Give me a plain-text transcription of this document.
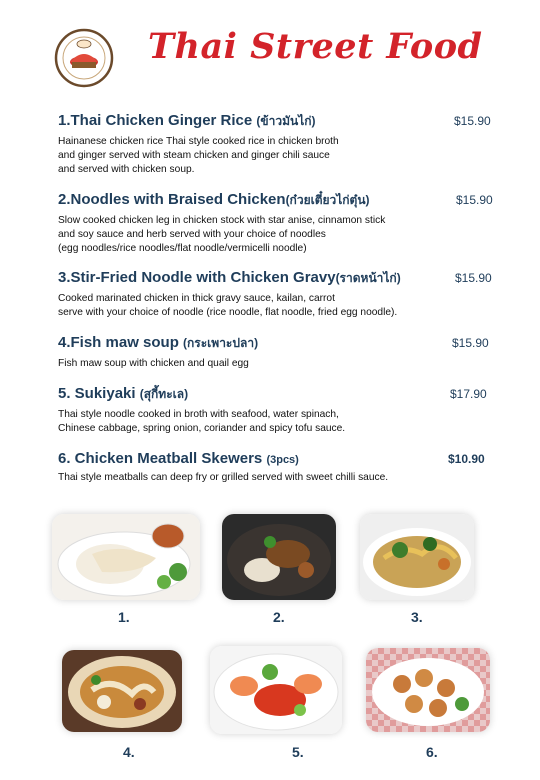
Thai Street Food
1.Thai Chicken Ginger Rice (ข้าวมันไก่)	$15.90
Hainanese chicken rice Thai style cooked rice in chicken broth
and ginger served with steam chicken and ginger chili sauce
and served with chicken soup.
2.Noodles with Braised Chicken(ก๋วยเตี๋ยวไก่ตุ๋น)	$15.90
Slow cooked chicken leg in chicken stock with star anise, cinnamon stick
and soy sauce and herb served with your choice of noodles
(egg noodles/rice noodles/flat noodle/vermicelli noodle)
3.Stir-Fried Noodle with Chicken Gravy(ราดหน้าไก่)	$15.90
Cooked marinated chicken in thick gravy sauce, kailan, carrot
serve with your choice of noodle (rice noodle, flat noodle, fried egg noodle).
4.Fish maw soup (กระเพาะปลา)	$15.90
Fish maw soup with chicken and quail egg
5. Sukiyaki (สุกี้ทะเล)	$17.90
Thai style noodle cooked in broth with seafood, water spinach,
Chinese cabbage, spring onion, coriander and spicy tofu sauce.
6. Chicken Meatball Skewers (3pcs)	$10.90
Thai style meatballs can deep fry or grilled served with sweet chilli sauce.
1.	2.	3.
4.	5.	6.
